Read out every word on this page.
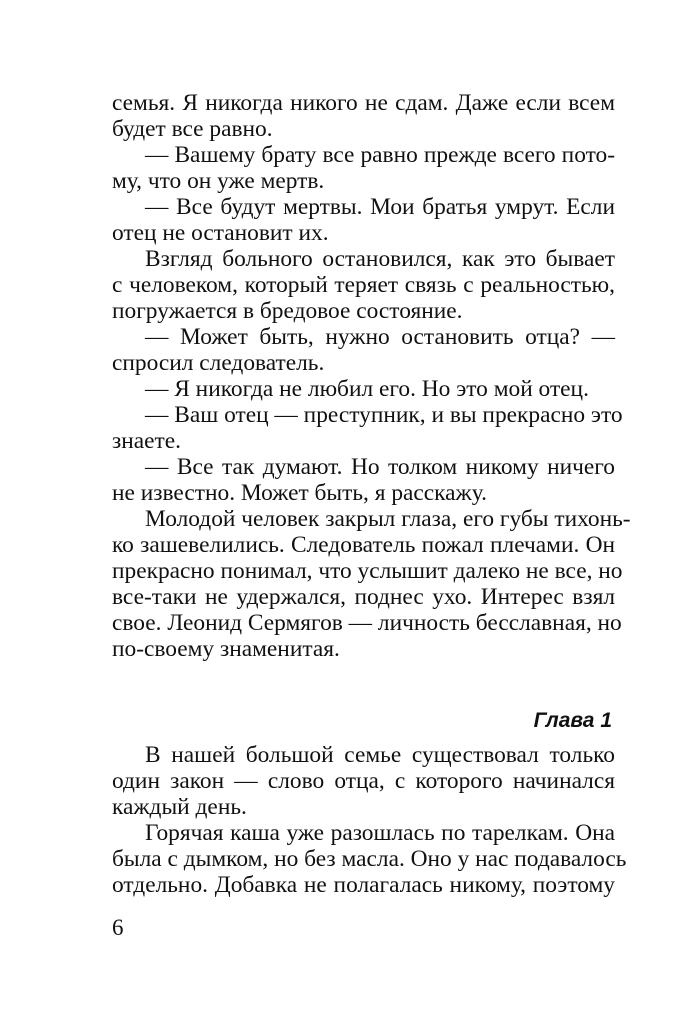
семья. Я никогда никого не сдам. Даже если всем
будет все равно.
— Вашему брату все равно прежде всего пото-
му, что он уже мертв.
— Все будут мертвы. Мои братья умрут. Если
отец не остановит их.
Взгляд больного остановился, как это бывает
с человеком, который теряет связь с реальностью,
погружается в бредовое состояние.
— Может быть, нужно остановить отца? —
спросил следователь.
— Я никогда не любил его. Но это мой отец.
— Ваш отец — преступник, и вы прекрасно это
знаете.
— Все так думают. Но толком никому ничего
не известно. Может быть, я расскажу.
Молодой человек закрыл глаза, его губы тихонь-
ко зашевелились. Следователь пожал плечами. Он
прекрасно понимал, что услышит далеко не все, но
все-таки не удержался, поднес ухо. Интерес взял
свое. Леонид Сермягов — личность бесславная, но
по-своему знаменитая.
Глава 1
В нашей большой семье существовал только
один закон — слово отца, с которого начинался
каждый день.
Горячая каша уже разошлась по тарелкам. Она
была с дымком, но без масла. Оно у нас подавалось
отдельно. Добавка не полагалась никому, поэтому
6
